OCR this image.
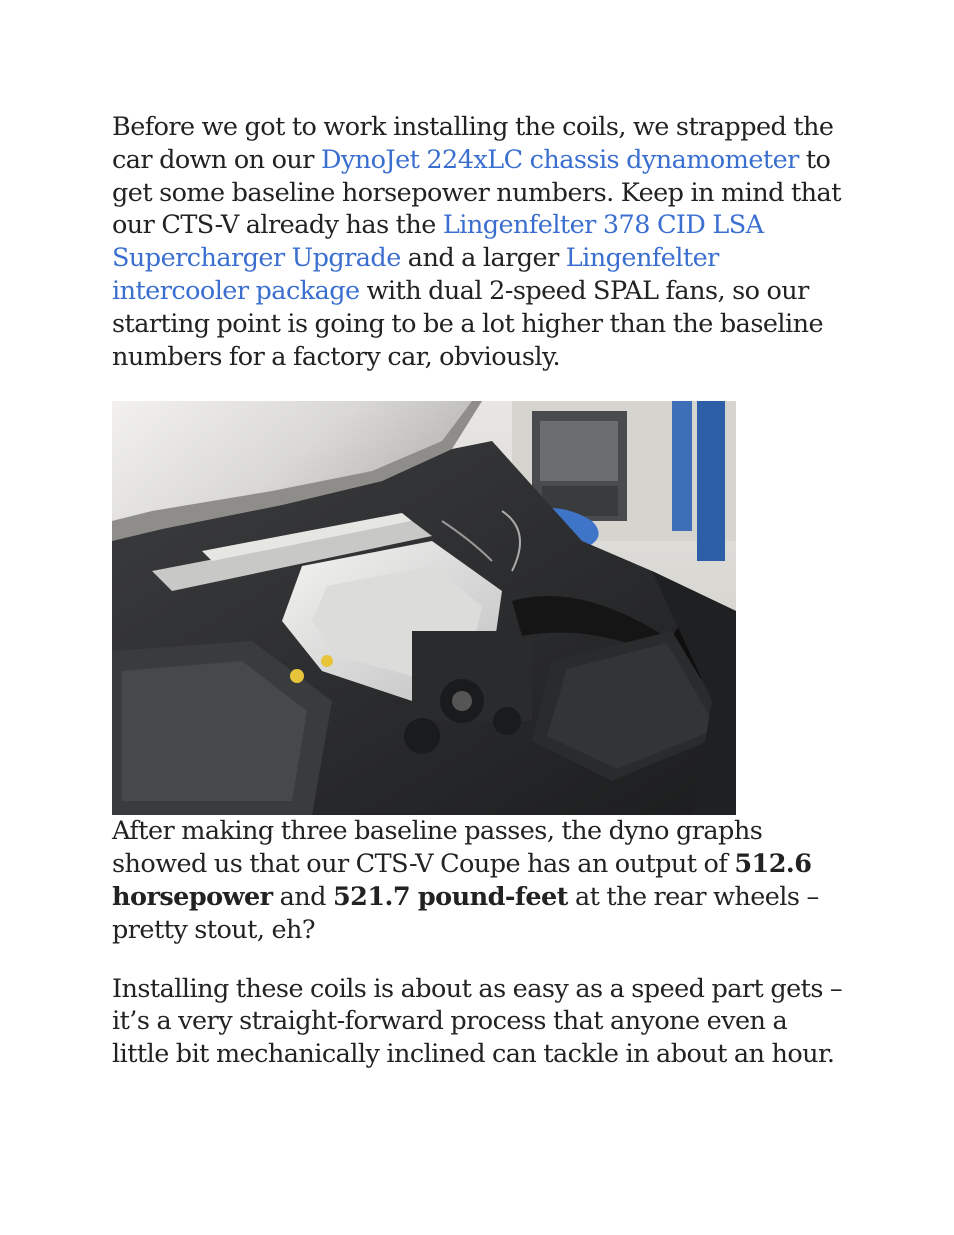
Before we got to work installing the coils, we strapped the car down on our DynoJet 224xLC chassis dynamometer to get some baseline horsepower numbers. Keep in mind that our CTS-V already has the Lingenfelter 378 CID LSA Supercharger Upgrade and a larger Lingenfelter intercooler package with dual 2-speed SPAL fans, so our starting point is going to be a lot higher than the baseline numbers for a factory car, obviously.

After making three baseline passes, the dyno graphs showed us that our CTS-V Coupe has an output of 512.6 horsepower and 521.7 pound-feet at the rear wheels – pretty stout, eh?

Installing these coils is about as easy as a speed part gets – it’s a very straight-forward process that anyone even a little bit mechanically inclined can tackle in about an hour.
